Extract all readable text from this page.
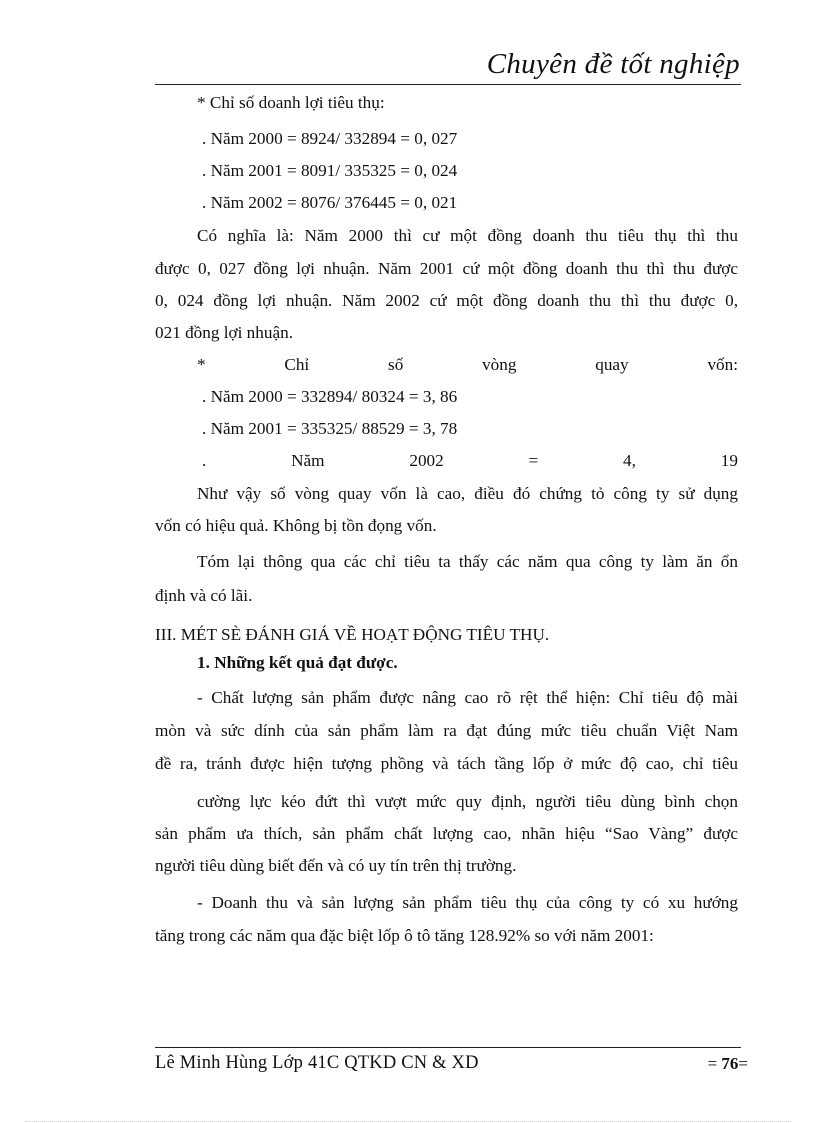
Chuyên đề tốt nghiệp
* Chỉ số doanh lợi tiêu thụ:
. Năm 2000 = 8924/ 332894 = 0, 027
. Năm 2001 = 8091/ 335325 = 0, 024
. Năm 2002 = 8076/ 376445 = 0, 021
Có nghĩa là: Năm 2000 thì cư một đồng doanh thu tiêu thụ thì thu
được 0, 027 đồng lợi nhuận. Năm 2001 cứ một đồng doanh thu thì thu được
0, 024 đồng lợi nhuận. Năm 2002 cứ một đồng doanh thu thì thu được 0,
021 đồng lợi nhuận.
*	Chỉ	số	vòng	quay	vốn:
. Năm 2000 = 332894/ 80324 = 3, 86
. Năm 2001 = 335325/ 88529 = 3, 78
.	Năm	2002	=	4,	19
Như vậy số vòng quay vốn là cao, điều đó chứng tỏ công ty sử dụng
vốn có hiệu quả. Không bị tồn đọng vốn.
Tóm lại thông qua các chỉ tiêu ta thấy các năm qua công ty làm ăn ổn
định và có lãi.
III. MÉT SÈ ĐÁNH GIÁ VỀ HOẠT ĐỘNG TIÊU THỤ.
1. Những kết quả đạt được.
- Chất lượng sản phẩm được nâng cao rõ rệt thể hiện: Chỉ tiêu độ mài
mòn và sức dính của sản phẩm làm ra đạt đúng mức tiêu chuẩn Việt Nam
đề ra, tránh được hiện tượng phồng và tách tầng lốp ở mức độ cao, chỉ tiêu
cường lực kéo đứt thì vượt mức quy định, người tiêu dùng bình chọn
sản phẩm ưa thích, sản phẩm chất lượng cao, nhãn hiệu “Sao Vàng” được
người tiêu dùng biết đến và có uy tín trên thị trường.
- Doanh thu và sản lượng sản phẩm tiêu thụ của công ty có xu hướng
tăng trong các năm qua đặc biệt lốp ô tô tăng 128.92% so với năm 2001:
Lê Minh Hùng Lớp 41C QTKD CN & XD	= 76=
